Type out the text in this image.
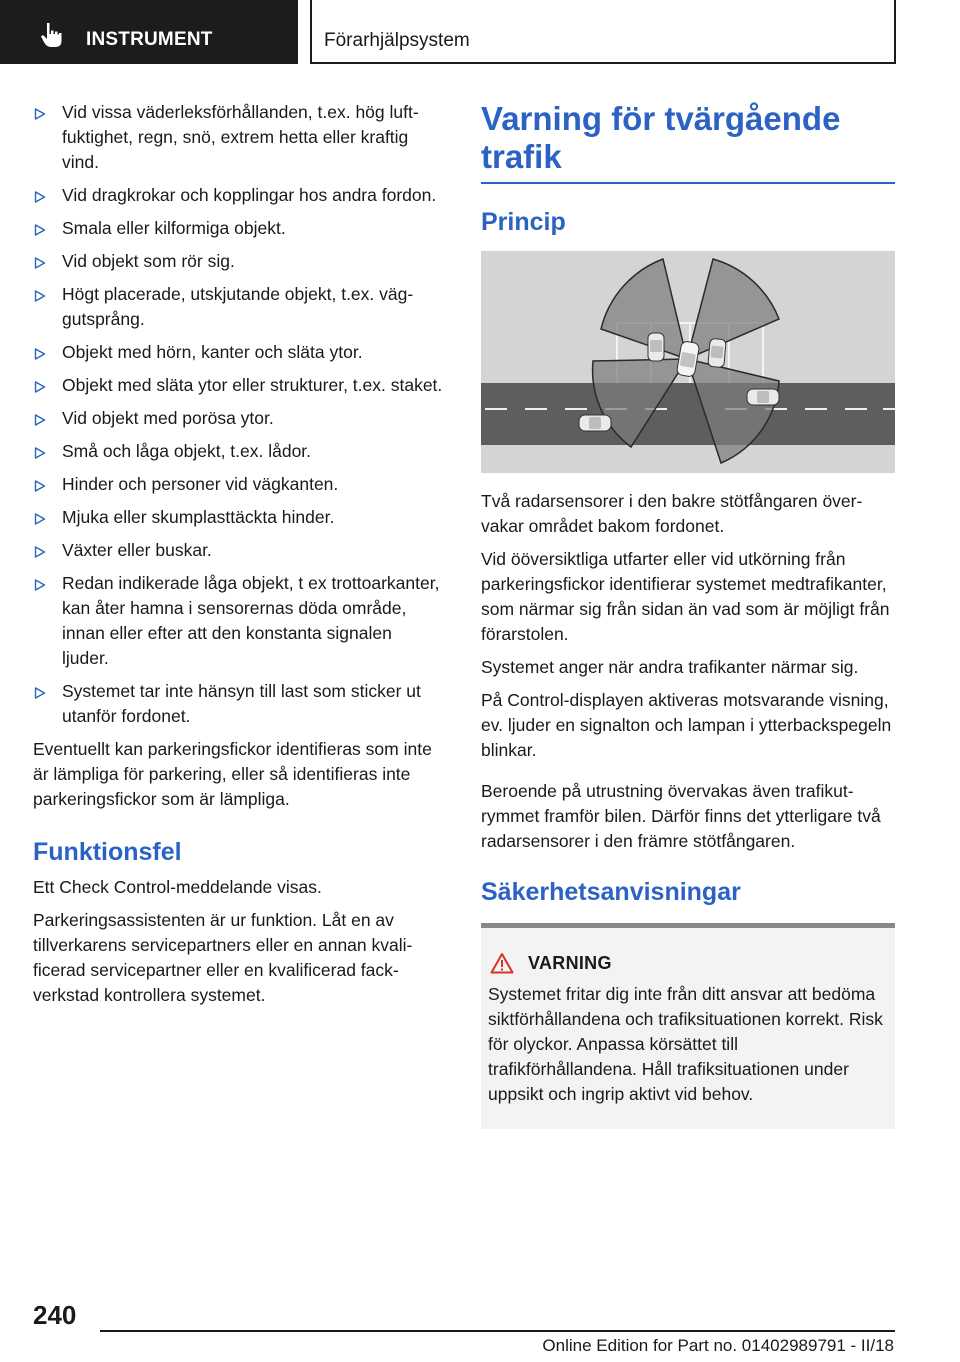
INSTRUMENT	Förarhjälpsystem
Vid vissa väderleksförhållanden, t.ex. hög luftfuktighet, regn, snö, extrem hetta eller kraftig vind.
Vid dragkrokar och kopplingar hos andra fordon.
Smala eller kilformiga objekt.
Vid objekt som rör sig.
Högt placerade, utskjutande objekt, t.ex. väggutsprång.
Objekt med hörn, kanter och släta ytor.
Objekt med släta ytor eller strukturer, t.ex. staket.
Vid objekt med porösa ytor.
Små och låga objekt, t.ex. lådor.
Hinder och personer vid vägkanten.
Mjuka eller skumplasttäckta hinder.
Växter eller buskar.
Redan indikerade låga objekt, t ex trottoarkanter, kan åter hamna i sensorernas döda område, innan eller efter att den konstanta signalen ljuder.
Systemet tar inte hänsyn till last som sticker ut utanför fordonet.

Eventuellt kan parkeringsfickor identifieras som inte är lämpliga för parkering, eller så identifieras inte parkeringsfickor som är lämpliga.

Funktionsfel

Ett Check Control-meddelande visas.

Parkeringsassistenten är ur funktion. Låt en av tillverkarens servicepartners eller en annan kvalificerad servicepartner eller en kvalificerad fackverkstad kontrollera systemet.

Varning för tvärgående trafik
Princip

Två radarsensorer i den bakre stötfångaren övervakar området bakom fordonet.

Vid ööversiktliga utfarter eller vid utkörning från parkeringsfickor identifierar systemet medtrafikanter, som närmar sig från sidan än vad som är möjligt från förarstolen.

Systemet anger när andra trafikanter närmar sig.

På Control-displayen aktiveras motsvarande visning, ev. ljuder en signalton och lampan i ytterbackspegeln blinkar.

Beroende på utrustning övervakas även trafikutrymmet framför bilen. Därför finns det ytterligare två radarsensorer i den främre stötfångaren.

Säkerhetsanvisningar
VARNING

Systemet fritar dig inte från ditt ansvar att bedöma siktförhållandena och trafiksituationen korrekt. Risk för olyckor. Anpassa körsättet till trafikförhållandena. Håll trafiksituationen under uppsikt och ingrip aktivt vid behov.

240
Online Edition for Part no. 01402989791 - II/18
